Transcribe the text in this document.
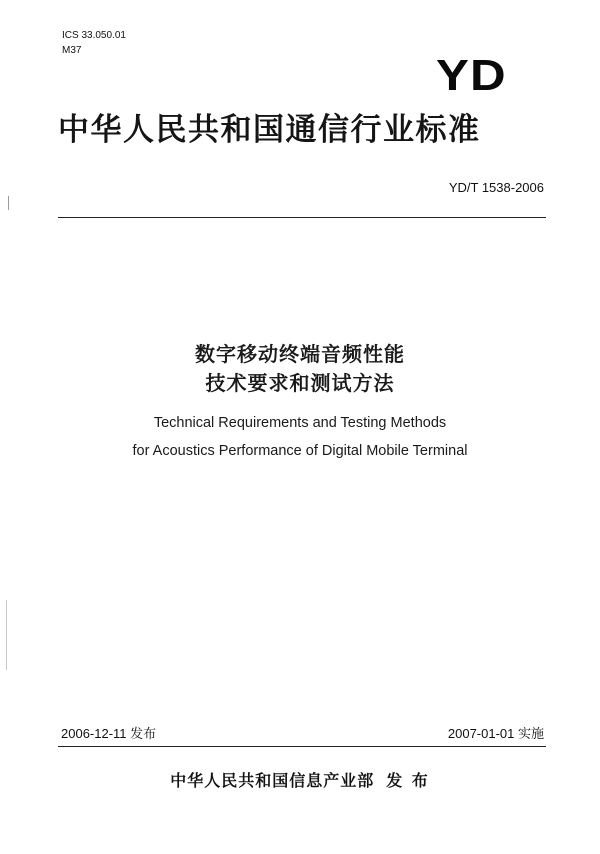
ICS 33.050.01
M37
YD
中华人民共和国通信行业标准
YD/T 1538-2006
数字移动终端音频性能
技术要求和测试方法
Technical Requirements and Testing Methods
for Acoustics Performance of Digital Mobile Terminal
2006-12-11 发布	2007-01-01 实施
中华人民共和国信息产业部 发 布
